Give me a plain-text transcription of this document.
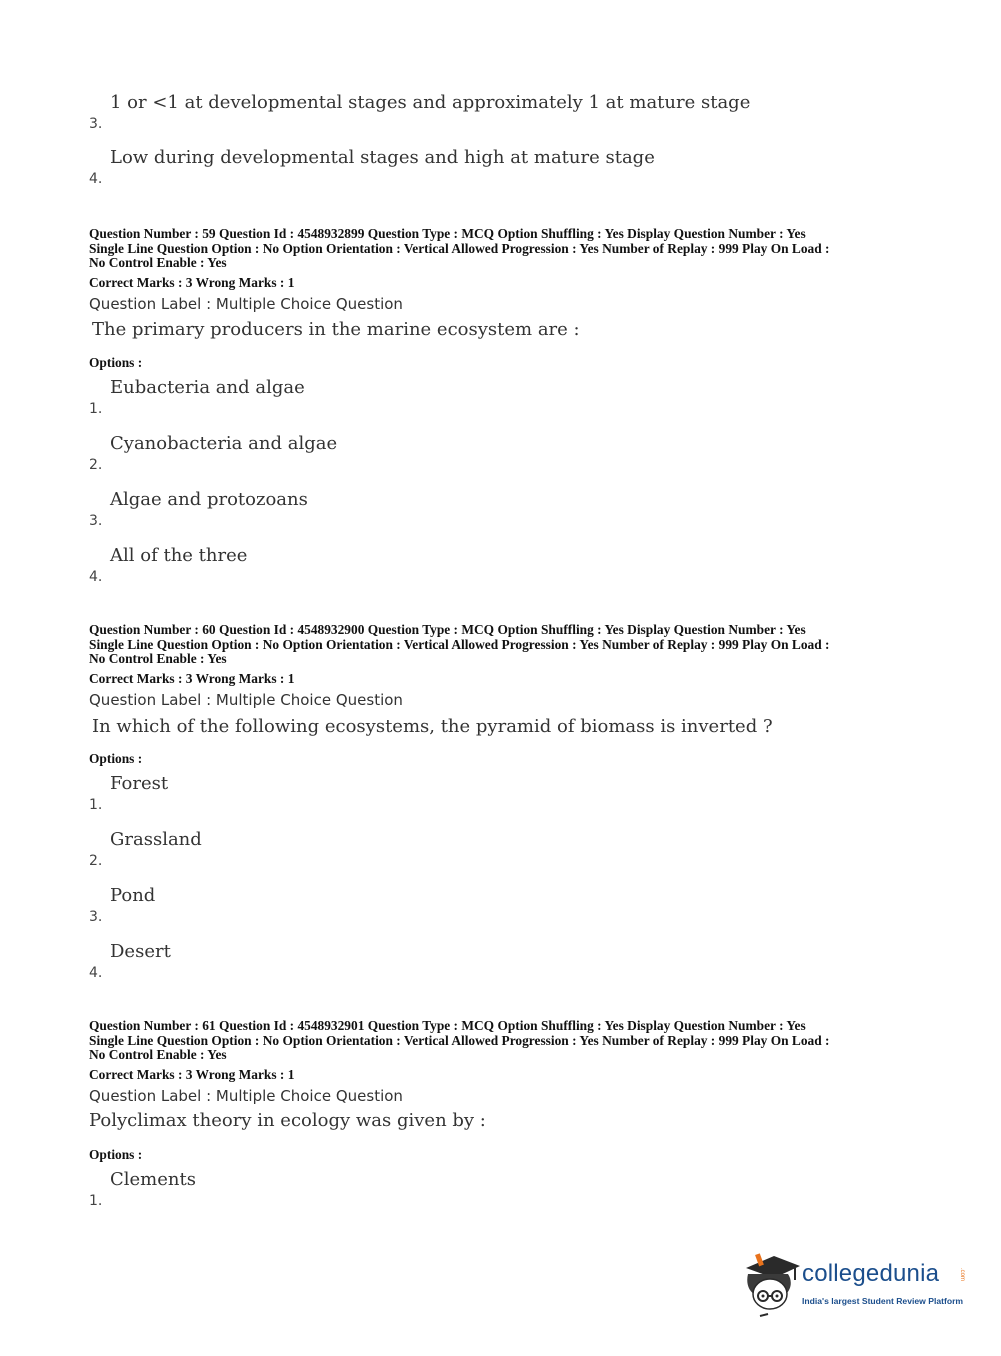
3.
1 or <1 at developmental stages and approximately 1 at mature stage
4.
Low during developmental stages and high at mature stage
Question Number : 59 Question Id : 4548932899 Question Type : MCQ Option Shuffling : Yes Display Question Number : Yes
Single Line Question Option : No Option Orientation : Vertical Allowed Progression : Yes Number of Replay : 999 Play On Load :
No Control Enable : Yes
Correct Marks : 3 Wrong Marks : 1
Question Label : Multiple Choice Question
The primary producers in the marine ecosystem are :
Options :
1.
Eubacteria and algae
2.
Cyanobacteria and algae
3.
Algae and protozoans
4.
All of the three
Question Number : 60 Question Id : 4548932900 Question Type : MCQ Option Shuffling : Yes Display Question Number : Yes
Single Line Question Option : No Option Orientation : Vertical Allowed Progression : Yes Number of Replay : 999 Play On Load :
No Control Enable : Yes
Correct Marks : 3 Wrong Marks : 1
Question Label : Multiple Choice Question
In which of the following ecosystems, the pyramid of biomass is inverted ?
Options :
1.
Forest
2.
Grassland
3.
Pond
4.
Desert
Question Number : 61 Question Id : 4548932901 Question Type : MCQ Option Shuffling : Yes Display Question Number : Yes
Single Line Question Option : No Option Orientation : Vertical Allowed Progression : Yes Number of Replay : 999 Play On Load :
No Control Enable : Yes
Correct Marks : 3 Wrong Marks : 1
Question Label : Multiple Choice Question
Polyclimax theory in ecology was given by :
Options :
1.
Clements
collegedunia	.com
India's largest Student Review Platform
